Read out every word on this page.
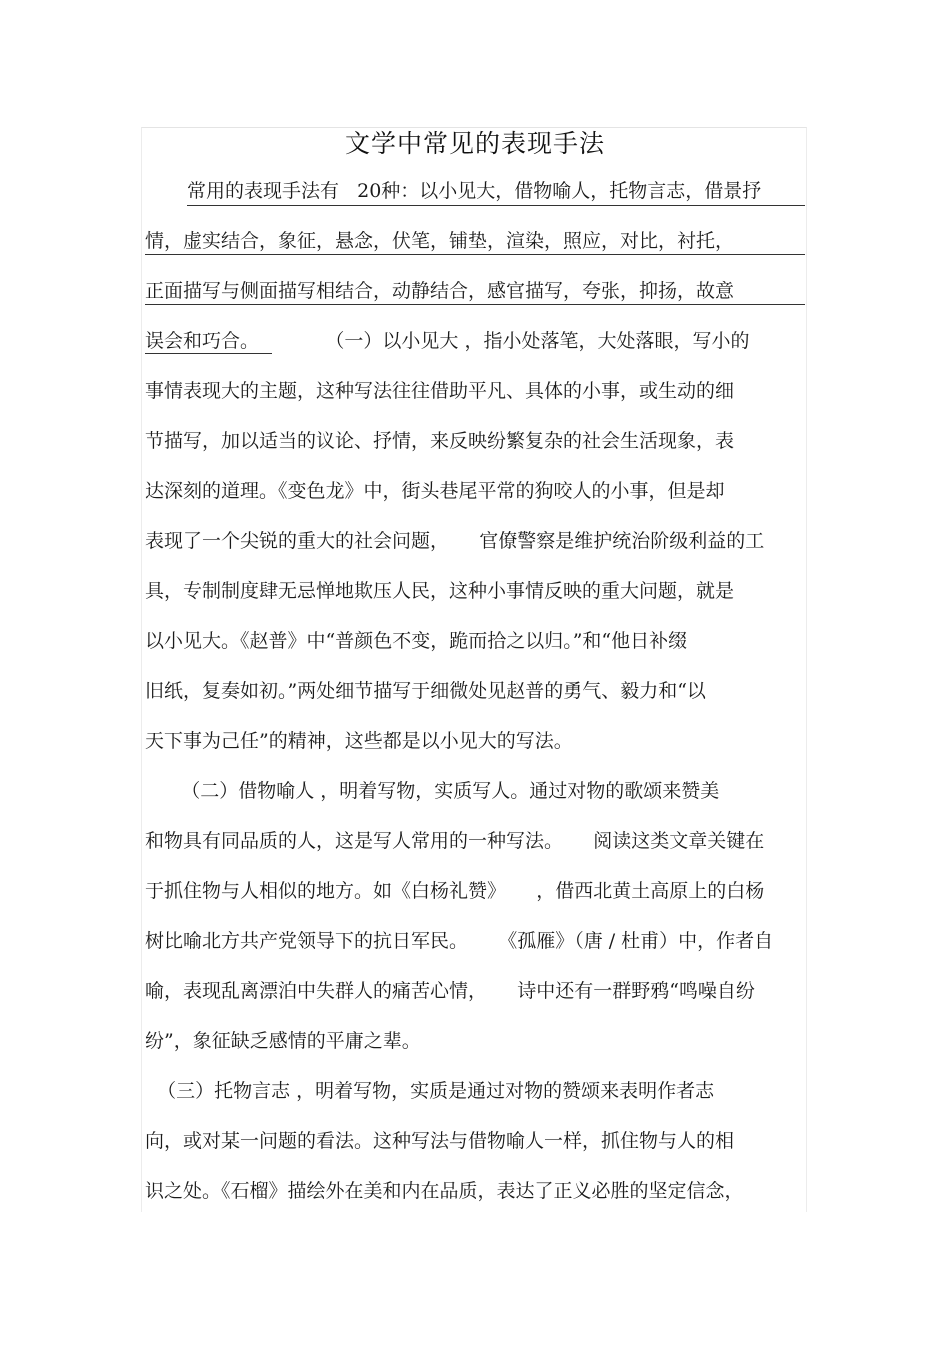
文学中常见的表现手法
常用的表现手法有   20种：以小见大，借物喻人，托物言志，借景抒
情，虚实结合，象征，悬念，伏笔，铺垫，渲染，照应，对比，衬托，
正面描写与侧面描写相结合，动静结合，感官描写，夸张，抑扬，故意
误会和巧合。           （一）以小见大 ，指小处落笔，大处落眼，写小的
事情表现大的主题，这种写法往往借助平凡、具体的小事，或生动的细
节描写，加以适当的议论、抒情，来反映纷繁复杂的社会生活现象，表
达深刻的道理。《变色龙》中，街头巷尾平常的狗咬人的小事，但是却
表现了一个尖锐的重大的社会问题，     官僚警察是维护统治阶级利益的工
具，专制制度肆无忌惮地欺压人民，这种小事情反映的重大问题，就是
以小见大。《赵普》中“普颜色不变，跪而拾之以归。”和“他日补缀
旧纸，复奏如初。”两处细节描写于细微处见赵普的勇气、毅力和“以
天下事为己任”的精神，这些都是以小见大的写法。
（二）借物喻人 ，明着写物，实质写人。通过对物的歌颂来赞美
和物具有同品质的人，这是写人常用的一种写法。     阅读这类文章关键在
于抓住物与人相似的地方。如《白杨礼赞》     ，借西北黄土高原上的白杨
树比喻北方共产党领导下的抗日军民。     《孤雁》（唐 / 杜甫）中，作者自
喻，表现乱离漂泊中失群人的痛苦心情，     诗中还有一群野鸦“鸣噪自纷
纷”，象征缺乏感情的平庸之辈。
（三）托物言志 ，明着写物，实质是通过对物的赞颂来表明作者志
向，或对某一问题的看法。这种写法与借物喻人一样，抓住物与人的相
识之处。《石榴》描绘外在美和内在品质，表达了正义必胜的坚定信念，
